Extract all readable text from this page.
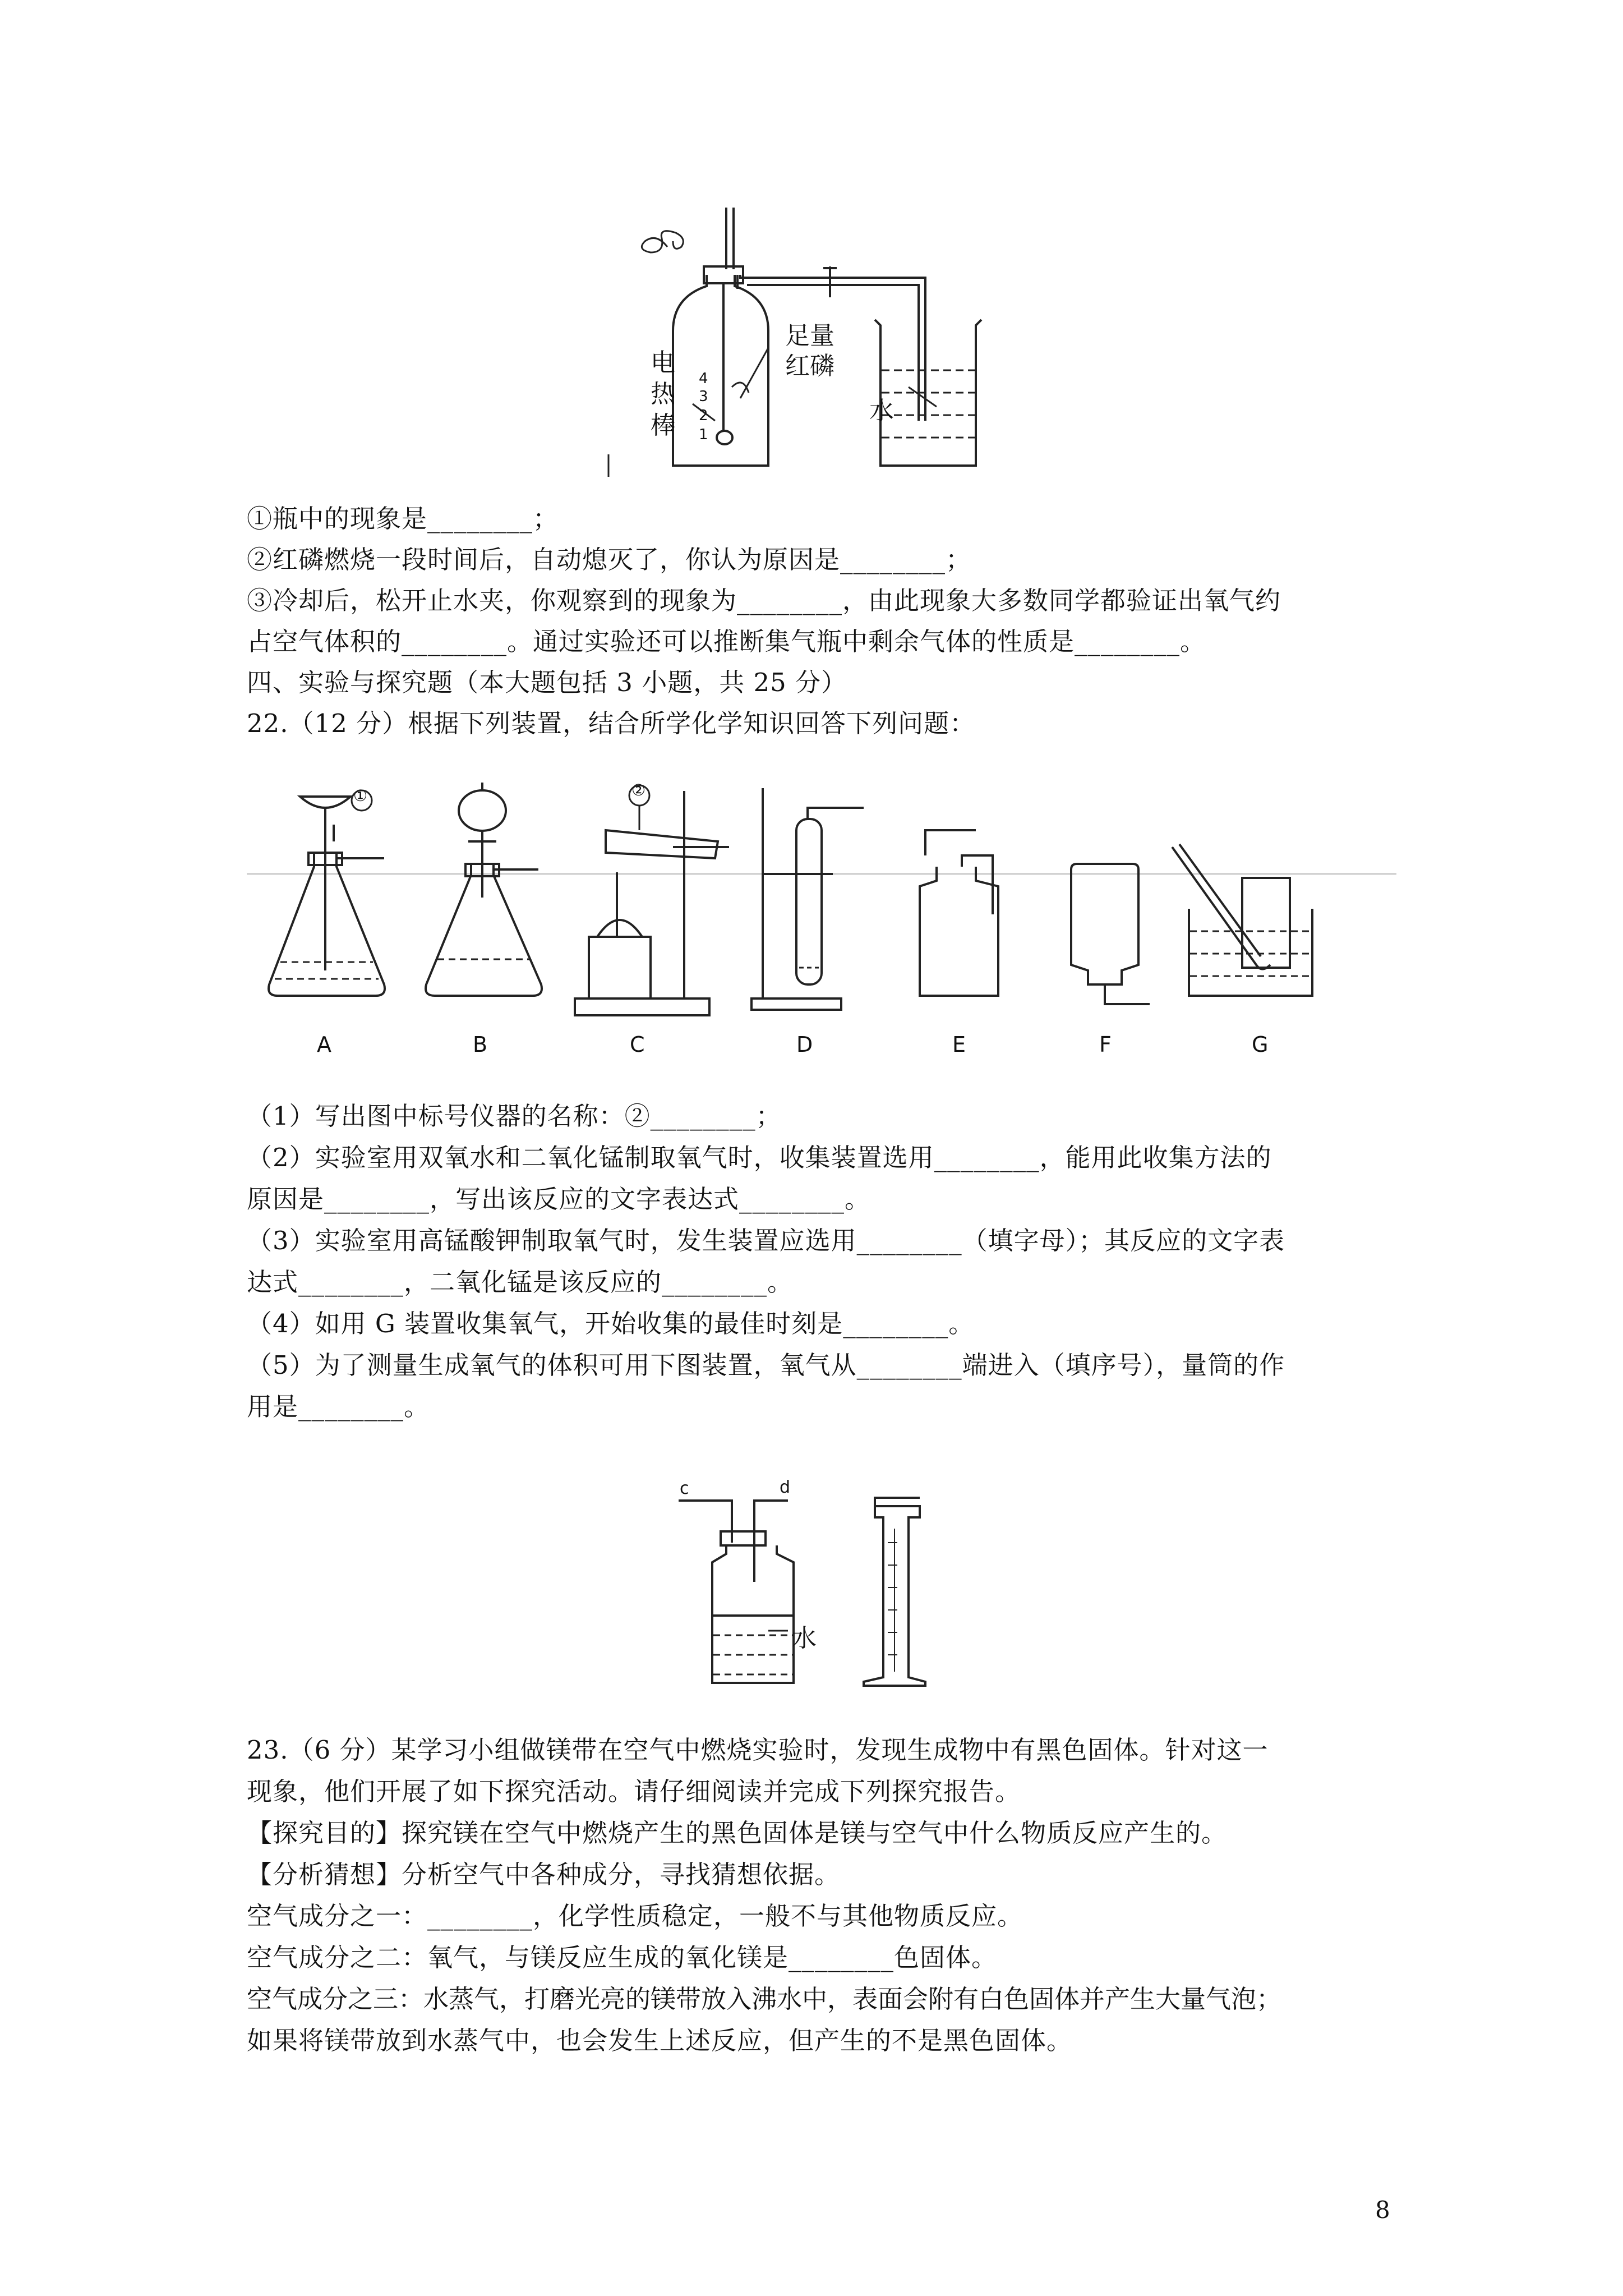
电
热
棒
足量
红磷
水
4
3
2
1
①瓶中的现象是________；
②红磷燃烧一段时间后，自动熄灭了，你认为原因是________；
③冷却后，松开止水夹，你观察到的现象为________，由此现象大多数同学都验证出氧气约
占空气体积的________。通过实验还可以推断集气瓶中剩余气体的性质是________。
四、实验与探究题（本大题包括 3 小题，共 25 分）
22.（12 分）根据下列装置，结合所学化学知识回答下列问题：
①	②
A	B	C	D	E	F	G
（1）写出图中标号仪器的名称：②________；
（2）实验室用双氧水和二氧化锰制取氧气时，收集装置选用________，能用此收集方法的
原因是________，写出该反应的文字表达式________。
（3）实验室用高锰酸钾制取氧气时，发生装置应选用________（填字母）；其反应的文字表
达式________，二氧化锰是该反应的________。
（4）如用 G 装置收集氧气，开始收集的最佳时刻是________。
（5）为了测量生成氧气的体积可用下图装置，氧气从________端进入（填序号），量筒的作
用是________。
c	d
水
23.（6 分）某学习小组做镁带在空气中燃烧实验时，发现生成物中有黑色固体。针对这一
现象，他们开展了如下探究活动。请仔细阅读并完成下列探究报告。
【探究目的】探究镁在空气中燃烧产生的黑色固体是镁与空气中什么物质反应产生的。
【分析猜想】分析空气中各种成分，寻找猜想依据。
空气成分之一：________，化学性质稳定，一般不与其他物质反应。
空气成分之二：氧气，与镁反应生成的氧化镁是________色固体。
空气成分之三：水蒸气，打磨光亮的镁带放入沸水中，表面会附有白色固体并产生大量气泡；
如果将镁带放到水蒸气中，也会发生上述反应，但产生的不是黑色固体。
8
